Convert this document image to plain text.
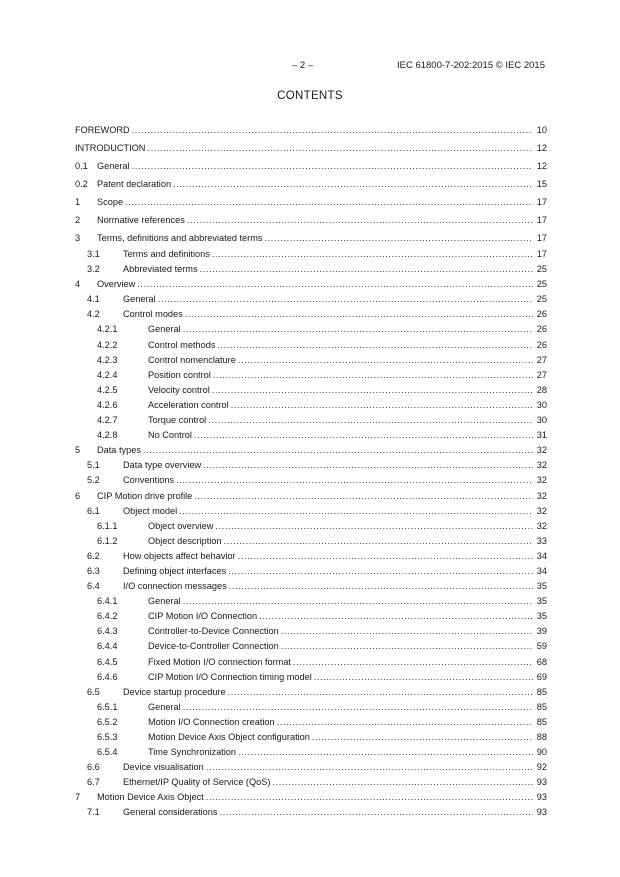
– 2 –	IEC 61800-7-202:2015 © IEC 2015
CONTENTS
FOREWORD .....	10
INTRODUCTION .....	12
0.1	General .....	12
0.2	Patent declaration .....	15
1	Scope .....	17
2	Normative references .....	17
3	Terms, definitions and abbreviated terms .....	17
3.1	Terms and definitions .....	17
3.2	Abbreviated terms .....	25
4	Overview .....	25
4.1	General .....	25
4.2	Control modes .....	26
4.2.1	General .....	26
4.2.2	Control methods .....	26
4.2.3	Control nomenclature .....	27
4.2.4	Position control .....	27
4.2.5	Velocity control .....	28
4.2.6	Acceleration control .....	30
4.2.7	Torque control .....	30
4.2.8	No Control .....	31
5	Data types .....	32
5.1	Data type overview .....	32
5.2	Conventions .....	32
6	CIP Motion drive profile .....	32
6.1	Object model .....	32
6.1.1	Object overview .....	32
6.1.2	Object description .....	33
6.2	How objects affect behavior .....	34
6.3	Defining object interfaces .....	34
6.4	I/O connection messages .....	35
6.4.1	General .....	35
6.4.2	CIP Motion I/O Connection .....	35
6.4.3	Controller-to-Device Connection .....	39
6.4.4	Device-to-Controller Connection .....	59
6.4.5	Fixed Motion I/O connection format .....	68
6.4.6	CIP Motion I/O Connection timing model .....	69
6.5	Device startup procedure .....	85
6.5.1	General .....	85
6.5.2	Motion I/O Connection creation .....	85
6.5.3	Motion Device Axis Object configuration .....	88
6.5.4	Time Synchronization .....	90
6.6	Device visualisation .....	92
6.7	Ethernet/IP Quality of Service (QoS) .....	93
7	Motion Device Axis Object .....	93
7.1	General considerations .....	93
